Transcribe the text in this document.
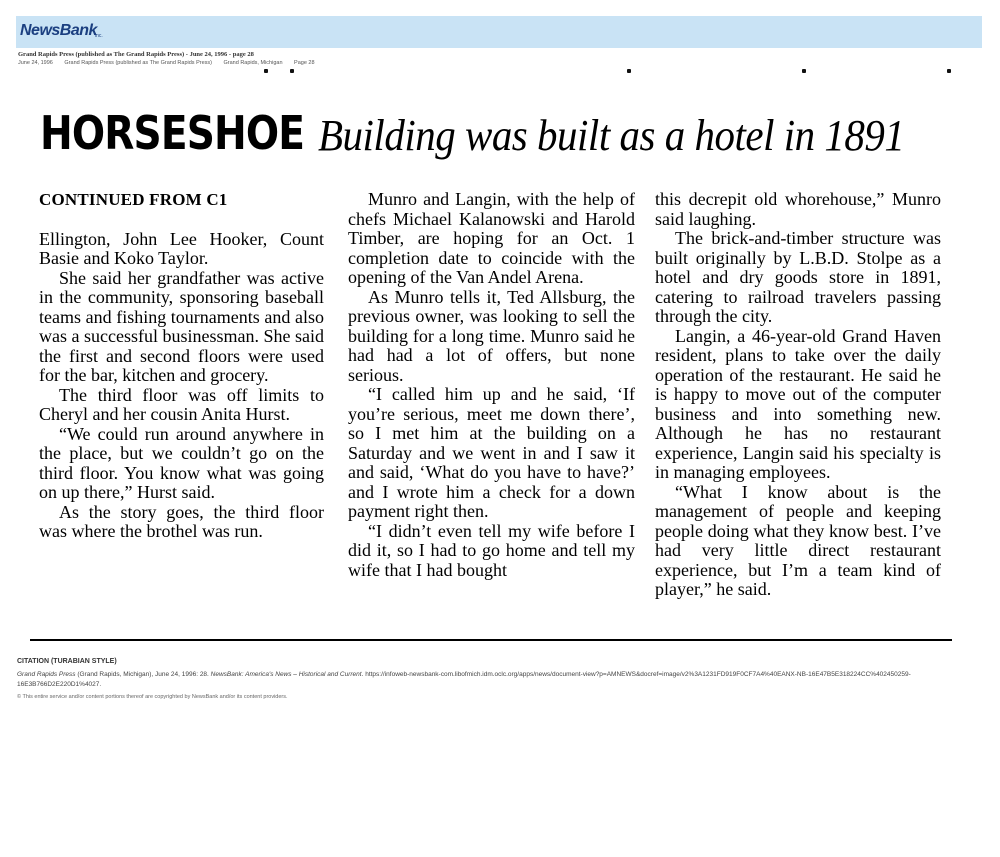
NewsBank
inc.
Grand Rapids Press (published as The Grand Rapids Press) - June 24, 1996 - page 28
June 24, 1996 Grand Rapids Press (published as The Grand Rapids Press) Grand Rapids, Michigan Page 28
HORSESHOE Building was built as a hotel in 1891
CONTINUED FROM C1

Ellington, John Lee Hooker, Count Basie and Koko Taylor.

She said her grandfather was active in the community, sponsoring baseball teams and fishing tournaments and also was a successful businessman. She said the first and second floors were used for the bar, kitchen and grocery.

The third floor was off limits to Cheryl and her cousin Anita Hurst.

“We could run around anywhere in the place, but we couldn’t go on the third floor. You know what was going on up there,” Hurst said.

As the story goes, the third floor was where the brothel was run.

Munro and Langin, with the help of chefs Michael Kalanowski and Harold Timber, are hoping for an Oct. 1 completion date to coincide with the opening of the Van Andel Arena.

As Munro tells it, Ted Allsburg, the previous owner, was looking to sell the building for a long time. Munro said he had had a lot of offers, but none serious.

“I called him up and he said, ‘If you’re serious, meet me down there’, so I met him at the building on a Saturday and we went in and I saw it and said, ‘What do you have to have?’ and I wrote him a check for a down payment right then.

“I didn’t even tell my wife before I did it, so I had to go home and tell my wife that I had bought

this decrepit old whorehouse,” Munro said laughing.

The brick-and-timber structure was built originally by L.B.D. Stolpe as a hotel and dry goods store in 1891, catering to railroad travelers passing through the city.

Langin, a 46-year-old Grand Haven resident, plans to take over the daily operation of the restaurant. He said he is happy to move out of the computer business and into something new. Although he has no restaurant experience, Langin said his specialty is in managing employees.

“What I know about is the management of people and keeping people doing what they know best. I’ve had very little direct restaurant experience, but I’m a team kind of player,” he said.

CITATION (TURABIAN STYLE)
Grand Rapids Press (Grand Rapids, Michigan), June 24, 1996: 28. NewsBank: America's News – Historical and Current. https://infoweb-newsbank-com.libofmich.idm.oclc.org/apps/news/document-view?p=AMNEWS&docref=image/v2%3A1231FD919F0CF7A4%40EANX-NB-16E47B5E318224CC%402450259-16E3B766D2E220D1%4027.
© This entire service and/or content portions thereof are copyrighted by NewsBank and/or its content providers.
